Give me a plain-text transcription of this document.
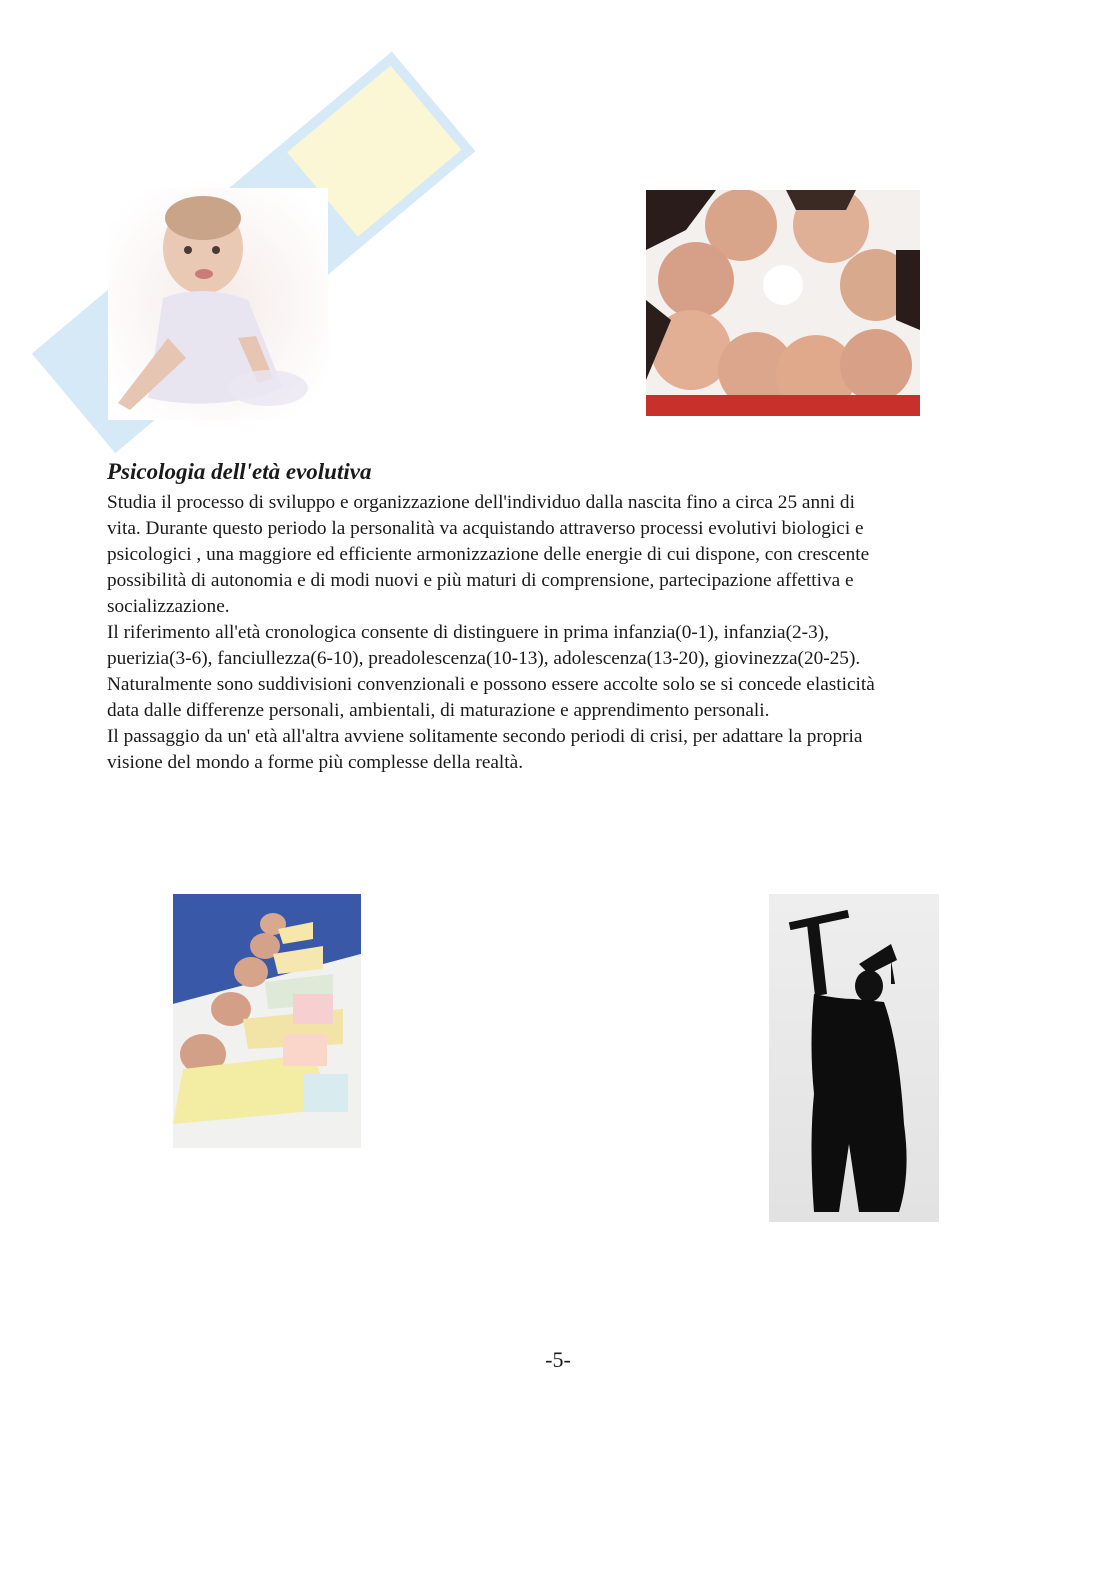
Psicologia dell'età evolutiva
Studia il processo di sviluppo e organizzazione dell'individuo dalla nascita fino a circa 25 anni di
vita. Durante questo periodo la personalità va acquistando attraverso processi evolutivi biologici e
psicologici , una maggiore ed efficiente armonizzazione delle energie di cui dispone, con crescente
possibilità di autonomia e di modi nuovi e più maturi di comprensione, partecipazione affettiva e
socializzazione.
Il riferimento all'età cronologica consente di distinguere in prima infanzia(0-1), infanzia(2-3),
puerizia(3-6), fanciullezza(6-10), preadolescenza(10-13), adolescenza(13-20), giovinezza(20-25).
Naturalmente sono suddivisioni convenzionali e possono essere accolte solo se si concede elasticità
data dalle differenze personali, ambientali, di maturazione e apprendimento personali.
Il passaggio da un' età all'altra avviene solitamente secondo periodi di crisi, per adattare la propria
visione del mondo a forme più complesse della realtà.
-5-
